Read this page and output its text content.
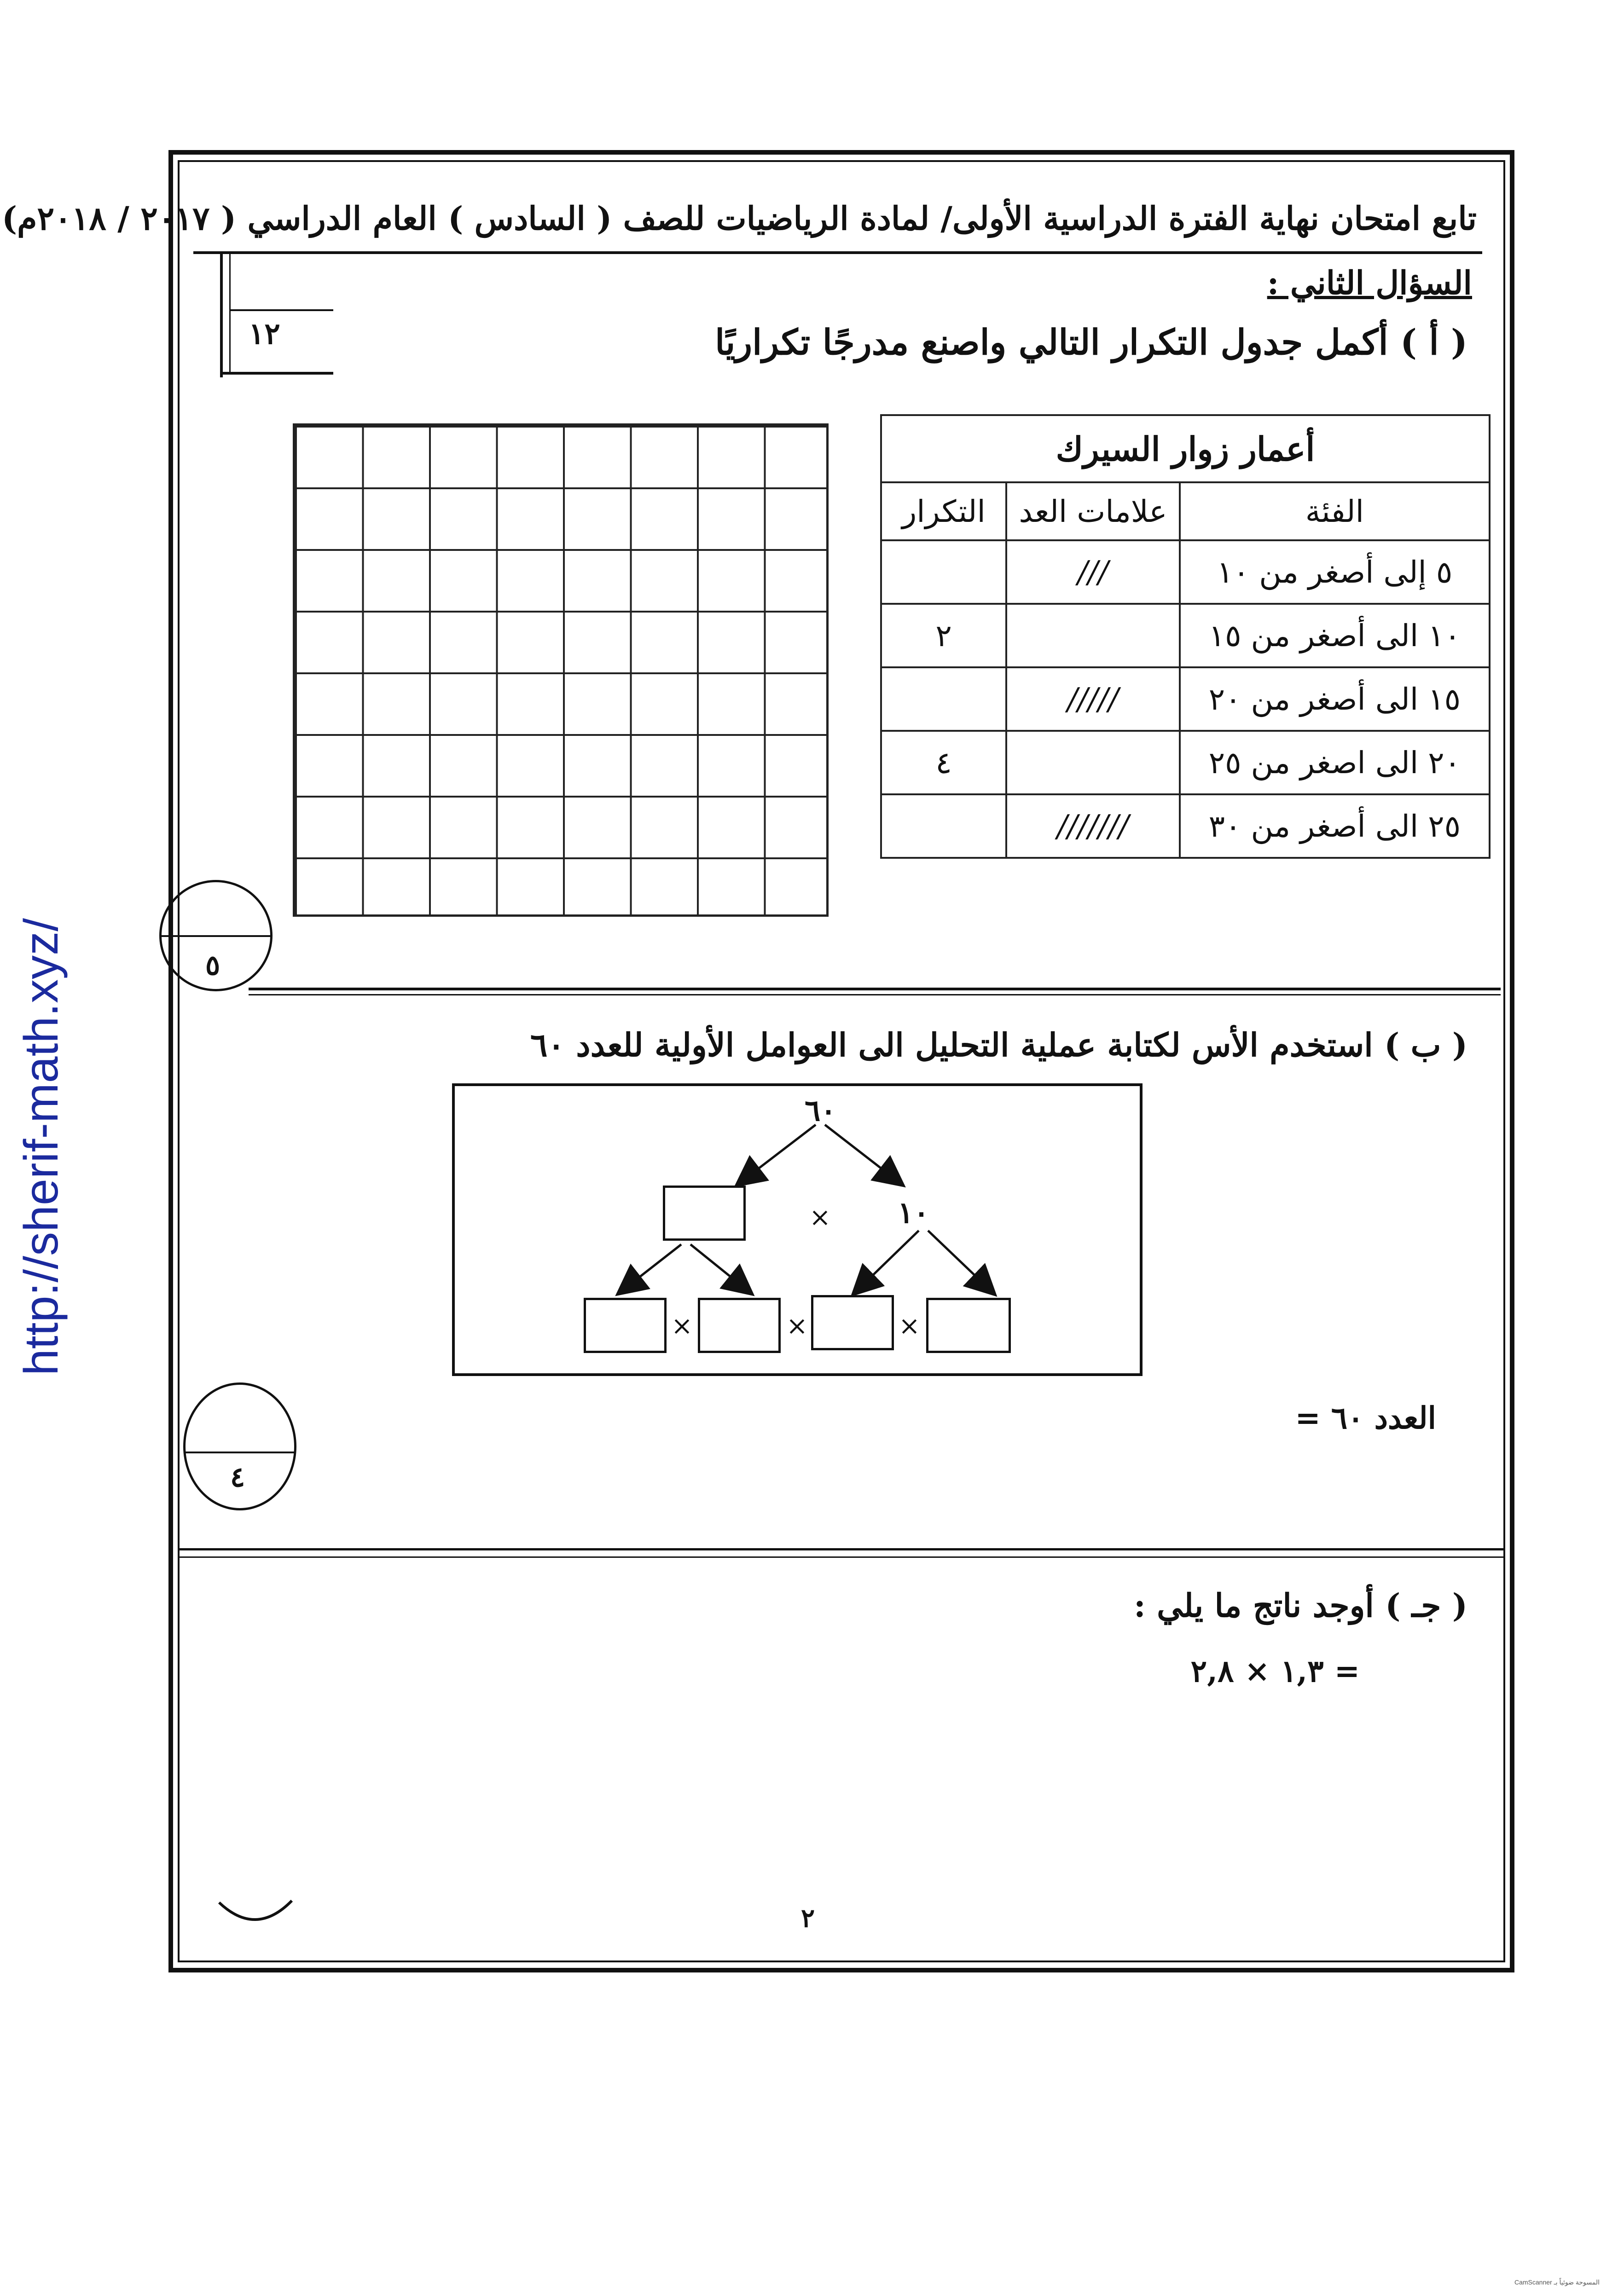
http://sherif-math.xyz/
تابع امتحان نهاية الفترة الدراسية الأولى/ لمادة الرياضيات للصف ( السادس ) العام الدراسي ( ٢٠١٧ / ٢٠١٨م)
١٢
السؤال الثاني :
( أ ) أكمل جدول التكرار التالي واصنع مدرجًا تكراريًا
أعمار زوار السيرك		
الفئة	علامات العد	التكرار
٥ إلى أصغر من ١٠	///	
١٠ الى أصغر من ١٥		٢
١٥ الى أصغر من ٢٠	/////	
٢٠ الى اصغر من ٢٥		٤
٢٥ الى أصغر من ٣٠	///////	
٥
( ب ) استخدم الأس لكتابة عملية التحليل الى العوامل الأولية للعدد ٦٠
٦٠
× ١٠
×	×	×
العدد ٦٠ =
٤
( جـ ) أوجد ناتج ما يلي :
= ١,٣ × ٢,٨
٢
CamScanner المسوحة ضوئياً بـ
